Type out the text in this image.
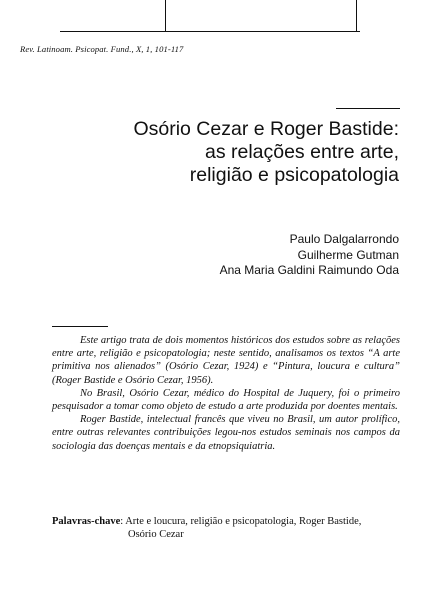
Rev. Latinoam. Psicopat. Fund., X, 1, 101-117
Osório Cezar e Roger Bastide:
as relações entre arte,
religião e psicopatologia
Paulo Dalgalarrondo
Guilherme Gutman
Ana Maria Galdini Raimundo Oda

Este artigo trata de dois momentos históricos dos estudos sobre as relações entre arte, religião e psicopatologia; neste sentido, analisamos os textos “A arte primitiva nos alienados” (Osório Cezar, 1924) e “Pintura, loucura e cultura” (Roger Bastide e Osório Cezar, 1956).

No Brasil, Osório Cezar, médico do Hospital de Juquery, foi o primeiro pesquisador a tomar como objeto de estudo a arte produzida por doentes mentais.

Roger Bastide, intelectual francês que viveu no Brasil, um autor prolífico, entre outras relevantes contribuições legou-nos estudos seminais nos campos da sociologia das doenças mentais e da etnopsiquiatria.

Palavras-chave: Arte e loucura, religião e psicopatologia, Roger Bastide,
Osório Cezar
